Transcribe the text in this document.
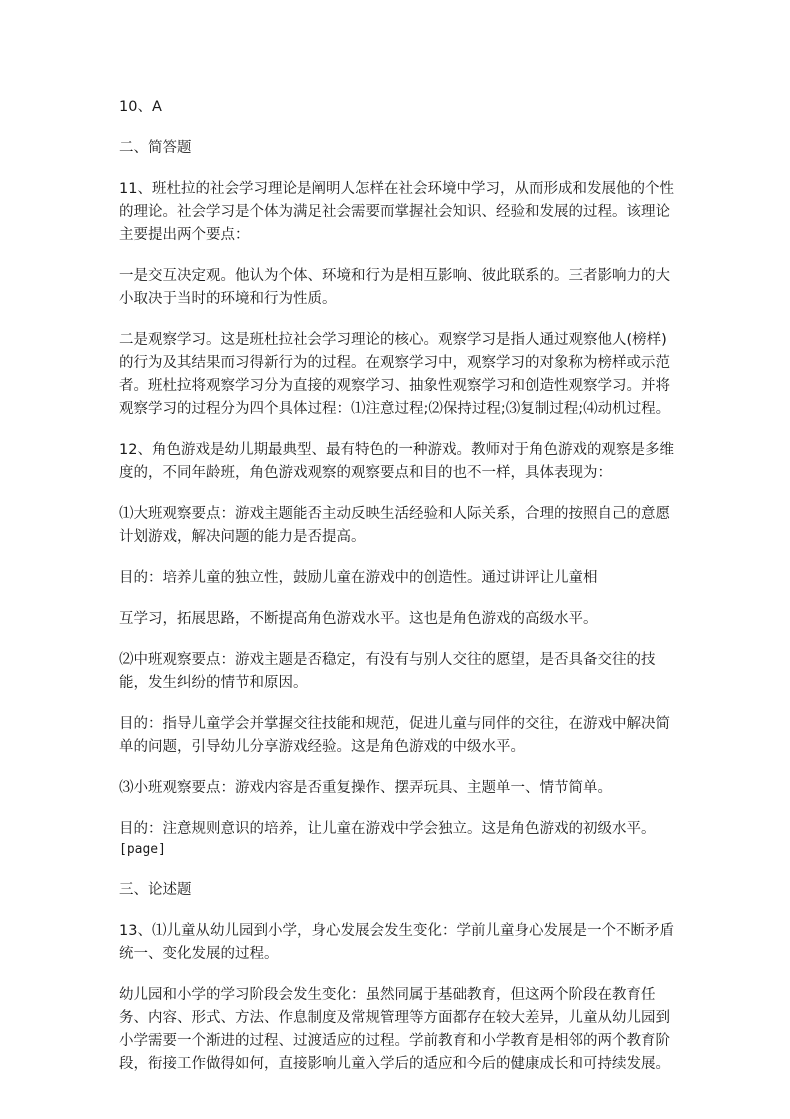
10、A

二、简答题

11、班杜拉的社会学习理论是阐明人怎样在社会环境中学习，从而形成和发展他的个性的理论。社会学习是个体为满足社会需要而掌握社会知识、经验和发展的过程。该理论主要提出两个要点：

一是交互决定观。他认为个体、环境和行为是相互影响、彼此联系的。三者影响力的大小取决于当时的环境和行为性质。

二是观察学习。这是班杜拉社会学习理论的核心。观察学习是指人通过观察他人(榜样)的行为及其结果而习得新行为的过程。在观察学习中，观察学习的对象称为榜样或示范者。班杜拉将观察学习分为直接的观察学习、抽象性观察学习和创造性观察学习。并将观察学习的过程分为四个具体过程：⑴注意过程;⑵保持过程;⑶复制过程;⑷动机过程。

12、角色游戏是幼儿期最典型、最有特色的一种游戏。教师对于角色游戏的观察是多维度的，不同年龄班，角色游戏观察的观察要点和目的也不一样，具体表现为：

⑴大班观察要点：游戏主题能否主动反映生活经验和人际关系，合理的按照自己的意愿计划游戏，解决问题的能力是否提高。

目的：培养儿童的独立性，鼓励儿童在游戏中的创造性。通过讲评让儿童相

互学习，拓展思路，不断提高角色游戏水平。这也是角色游戏的高级水平。

⑵中班观察要点：游戏主题是否稳定，有没有与别人交往的愿望，是否具备交往的技能，发生纠纷的情节和原因。

目的：指导儿童学会并掌握交往技能和规范，促进儿童与同伴的交往，在游戏中解决简单的问题，引导幼儿分享游戏经验。这是角色游戏的中级水平。

⑶小班观察要点：游戏内容是否重复操作、摆弄玩具、主题单一、情节简单。

目的：注意规则意识的培养，让儿童在游戏中学会独立。这是角色游戏的初级水平。

[page]

三、论述题

13、⑴儿童从幼儿园到小学，身心发展会发生变化：学前儿童身心发展是一个不断矛盾统一、变化发展的过程。

幼儿园和小学的学习阶段会发生变化：虽然同属于基础教育，但这两个阶段在教育任务、内容、形式、方法、作息制度及常规管理等方面都存在较大差异，儿童从幼儿园到小学需要一个渐进的过程、过渡适应的过程。学前教育和小学教育是相邻的两个教育阶段，衔接工作做得如何，直接影响儿童入学后的适应和今后的健康成长和可持续发展。
